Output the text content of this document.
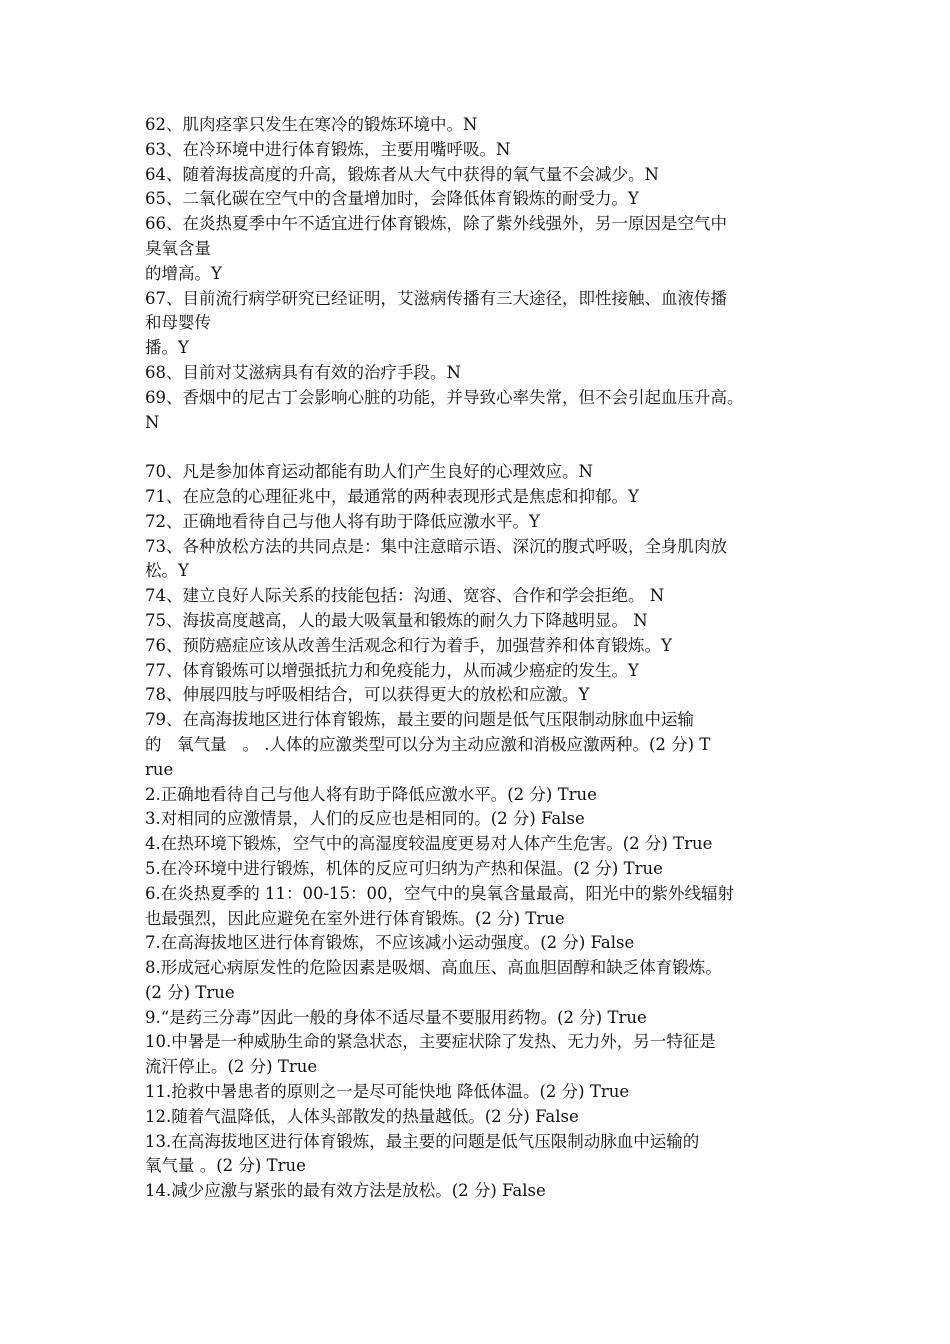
62、肌肉痉挛只发生在寒冷的锻炼环境中。N
63、在冷环境中进行体育锻炼，主要用嘴呼吸。N
64、随着海拔高度的升高，锻炼者从大气中获得的氧气量不会减少。N
65、二氧化碳在空气中的含量增加时，会降低体育锻炼的耐受力。Y
66、在炎热夏季中午不适宜进行体育锻炼，除了紫外线强外，另一原因是空气中
臭氧含量
的增高。Y
67、目前流行病学研究已经证明，艾滋病传播有三大途径，即性接触、血液传播
和母婴传
播。Y
68、目前对艾滋病具有有效的治疗手段。N
69、香烟中的尼古丁会影响心脏的功能，并导致心率失常，但不会引起血压升高。
N
70、凡是参加体育运动都能有助人们产生良好的心理效应。N
71、在应急的心理征兆中，最通常的两种表现形式是焦虑和抑郁。Y
72、正确地看待自己与他人将有助于降低应激水平。Y
73、各种放松方法的共同点是：集中注意暗示语、深沉的腹式呼吸，全身肌肉放
松。Y
74、建立良好人际关系的技能包括：沟通、宽容、合作和学会拒绝。 N
75、海拔高度越高，人的最大吸氧量和锻炼的耐久力下降越明显。 N
76、预防癌症应该从改善生活观念和行为着手，加强营养和体育锻炼。Y
77、体育锻炼可以增强抵抗力和免疫能力，从而减少癌症的发生。Y
78、伸展四肢与呼吸相结合，可以获得更大的放松和应激。Y
79、在高海拔地区进行体育锻炼，最主要的问题是低气压限制动脉血中运输
的   氧气量   。 .人体的应激类型可以分为主动应激和消极应激两种。(2 分) T
rue
2.正确地看待自己与他人将有助于降低应激水平。(2 分) True
3.对相同的应激情景，人们的反应也是相同的。(2 分) False
4.在热环境下锻炼，空气中的高湿度较温度更易对人体产生危害。(2 分) True
5.在冷环境中进行锻炼，机体的反应可归纳为产热和保温。(2 分) True
6.在炎热夏季的 11：00-15：00，空气中的臭氧含量最高，阳光中的紫外线辐射
也最强烈，因此应避免在室外进行体育锻炼。(2 分) True
7.在高海拔地区进行体育锻炼，不应该减小运动强度。(2 分) False
8.形成冠心病原发性的危险因素是吸烟、高血压、高血胆固醇和缺乏体育锻炼。
(2 分) True
9.“是药三分毒”因此一般的身体不适尽量不要服用药物。(2 分) True
10.中暑是一种威胁生命的紧急状态，主要症状除了发热、无力外，另一特征是
流汗停止。(2 分) True
11.抢救中暑患者的原则之一是尽可能快地 降低体温。(2 分) True
12.随着气温降低，人体头部散发的热量越低。(2 分) False
13.在高海拔地区进行体育锻炼，最主要的问题是低气压限制动脉血中运输的
氧气量 。(2 分) True
14.减少应激与紧张的最有效方法是放松。(2 分) False
